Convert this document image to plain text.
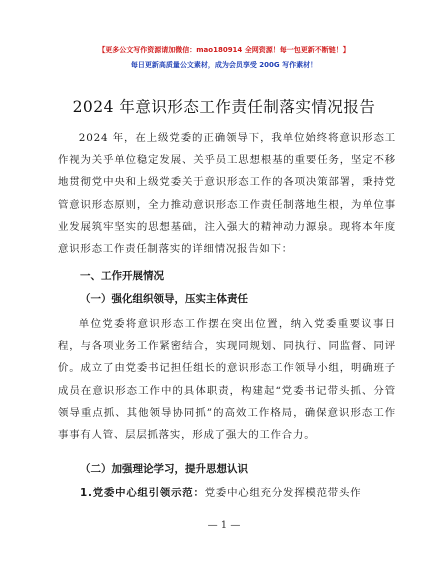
【更多公文写作资源请加微信：mao180914 全网资源！每一包更新不断链！】
每日更新高质量公文素材，成为会员享受 200G 写作素材！
2024 年意识形态工作责任制落实情况报告

2024 年，在上级党委的正确领导下，我单位始终将意识形态工作视为关乎单位稳定发展、关乎员工思想根基的重要任务，坚定不移地贯彻党中央和上级党委关于意识形态工作的各项决策部署，秉持党管意识形态原则，全力推动意识形态工作责任制落地生根，为单位事业发展筑牢坚实的思想基础，注入强大的精神动力源泉。现将本年度意识形态工作责任制落实的详细情况报告如下：

一、工作开展情况
（一）强化组织领导，压实主体责任

单位党委将意识形态工作摆在突出位置，纳入党委重要议事日程，与各项业务工作紧密结合，实现同规划、同执行、同监督、同评价。成立了由党委书记担任组长的意识形态工作领导小组，明确班子成员在意识形态工作中的具体职责，构建起“党委书记带头抓、分管领导重点抓、其他领导协同抓”的高效工作格局，确保意识形态工作事事有人管、层层抓落实，形成了强大的工作合力。

（二）加强理论学习，提升思想认识
1.党委中心组引领示范：党委中心组充分发挥模范带头作
— 1 —
